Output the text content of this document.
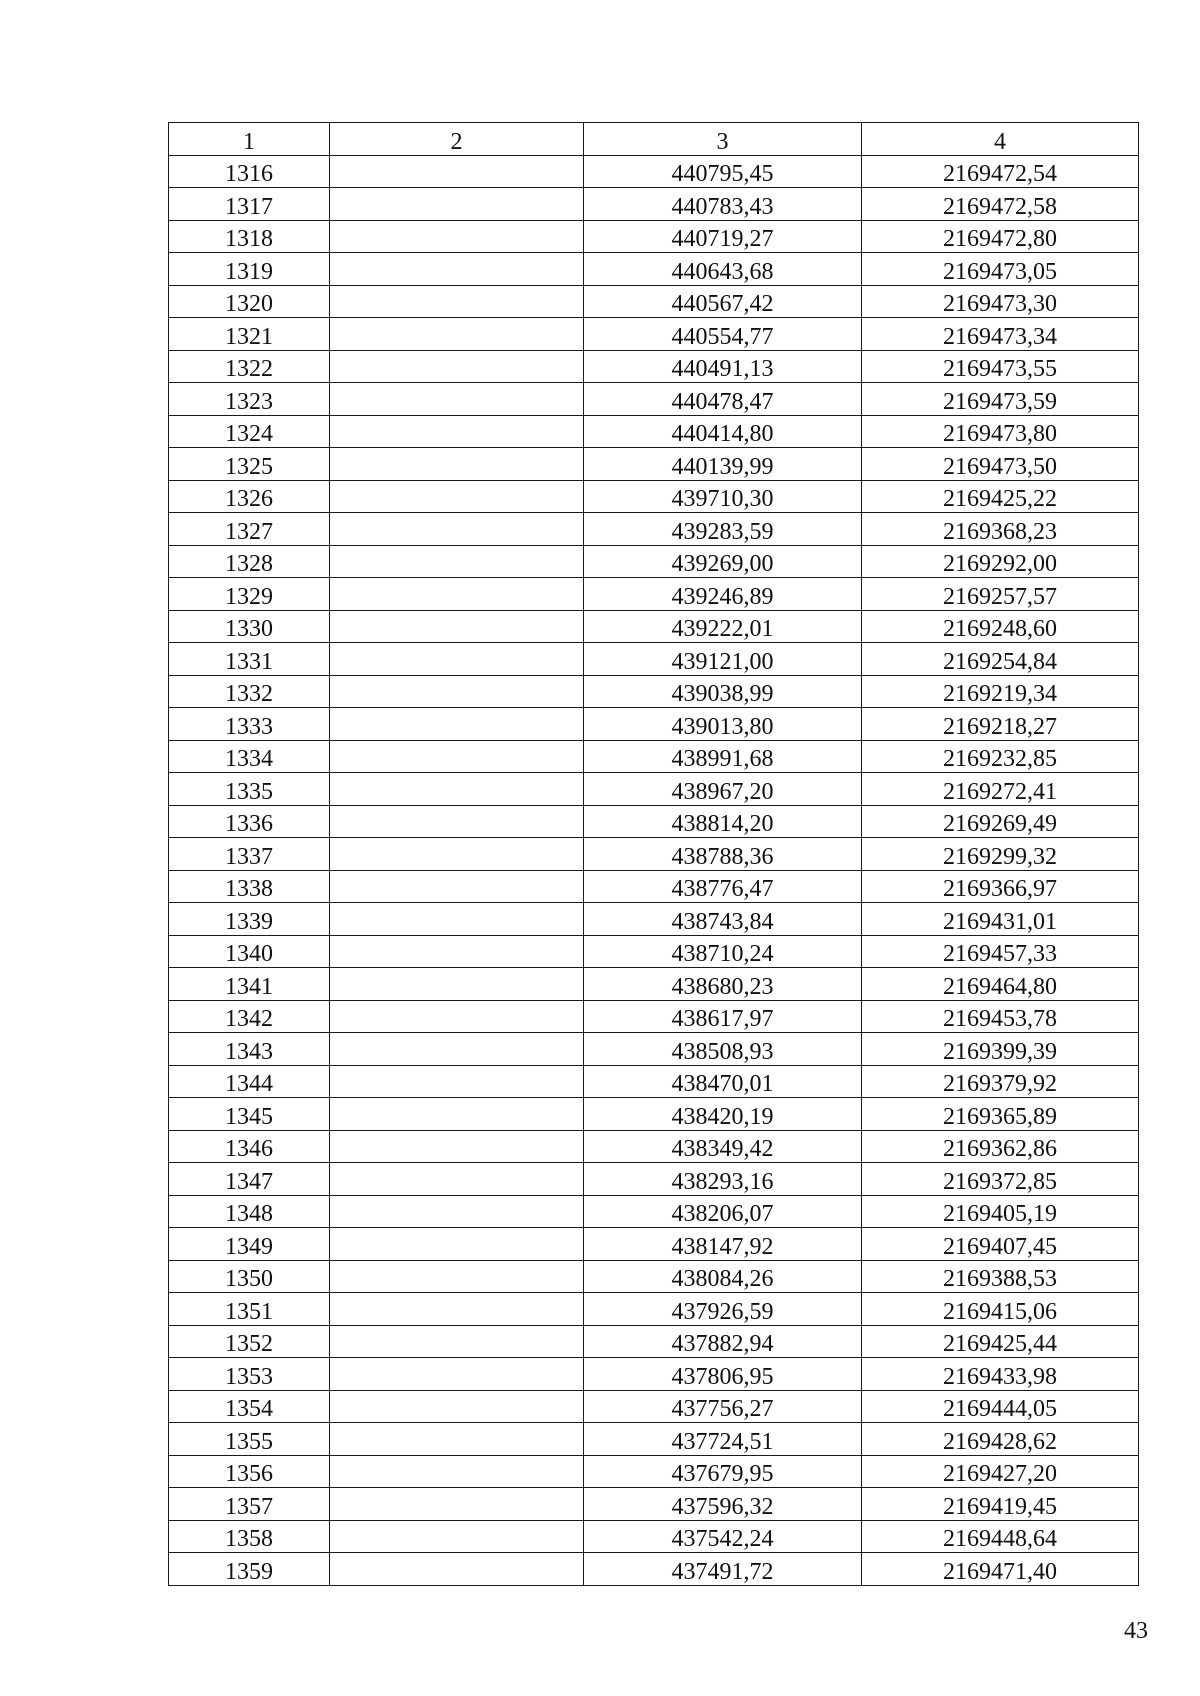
1	2	3	4
1316		440795,45	2169472,54
1317		440783,43	2169472,58
1318		440719,27	2169472,80
1319		440643,68	2169473,05
1320		440567,42	2169473,30
1321		440554,77	2169473,34
1322		440491,13	2169473,55
1323		440478,47	2169473,59
1324		440414,80	2169473,80
1325		440139,99	2169473,50
1326		439710,30	2169425,22
1327		439283,59	2169368,23
1328		439269,00	2169292,00
1329		439246,89	2169257,57
1330		439222,01	2169248,60
1331		439121,00	2169254,84
1332		439038,99	2169219,34
1333		439013,80	2169218,27
1334		438991,68	2169232,85
1335		438967,20	2169272,41
1336		438814,20	2169269,49
1337		438788,36	2169299,32
1338		438776,47	2169366,97
1339		438743,84	2169431,01
1340		438710,24	2169457,33
1341		438680,23	2169464,80
1342		438617,97	2169453,78
1343		438508,93	2169399,39
1344		438470,01	2169379,92
1345		438420,19	2169365,89
1346		438349,42	2169362,86
1347		438293,16	2169372,85
1348		438206,07	2169405,19
1349		438147,92	2169407,45
1350		438084,26	2169388,53
1351		437926,59	2169415,06
1352		437882,94	2169425,44
1353		437806,95	2169433,98
1354		437756,27	2169444,05
1355		437724,51	2169428,62
1356		437679,95	2169427,20
1357		437596,32	2169419,45
1358		437542,24	2169448,64
1359		437491,72	2169471,40
43
